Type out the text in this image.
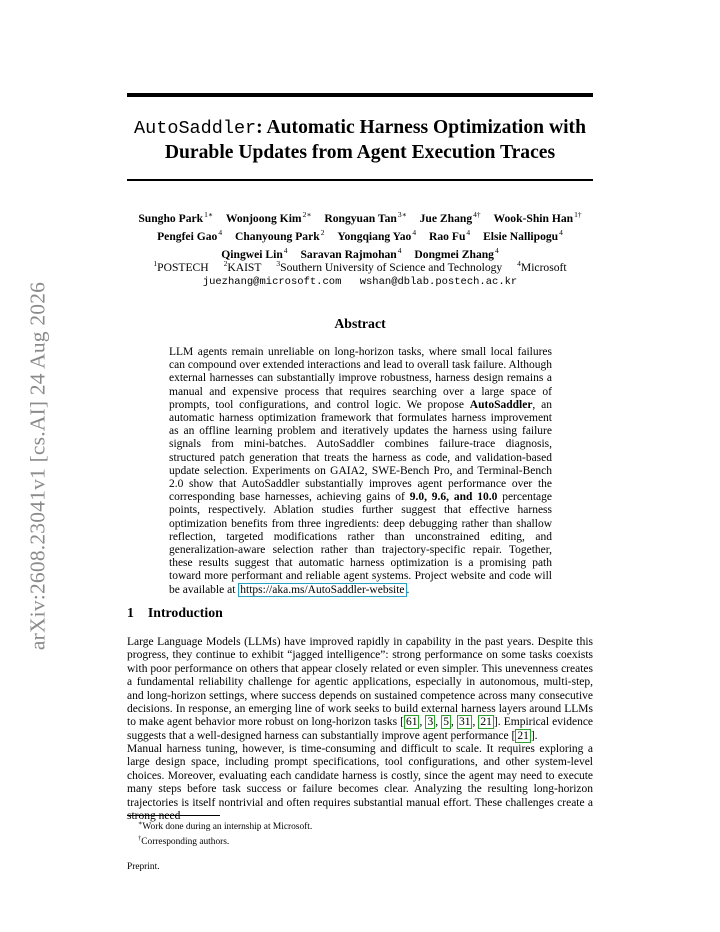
arXiv:2608.23041v1 [cs.AI] 24 Aug 2026
AutoSaddler: Automatic Harness Optimization with
Durable Updates from Agent Execution Traces
Sungho Park$^{1∗}$ Wonjoong Kim$^{2∗}$ Rongyuan Tan$^{3∗}$ Jue Zhang$^{4\dagger}$ Wook-Shin Han$^{1\dagger}$
Pengfei Gao$^4$ Chanyoung Park$^2$ Yongqiang Yao$^4$ Rao Fu$^4$ Elsie Nallipogu$^4$
Qingwei Lin$^4$ Saravan Rajmohan$^4$ Dongmei Zhang$^4$
$^1$POSTECH $^2$KAIST $^3$Southern University of Science and Technology $^4$Microsoft
juezhang@microsoft.com wshan@dblab.postech.ac.kr
Abstract
LLM agents remain unreliable on long-horizon tasks, where small local failures can compound over extended interactions and lead to overall task failure. Although external harnesses can substantially improve robustness, harness design remains a manual and expensive process that requires searching over a large space of prompts, tool configurations, and control logic. We propose AutoSaddler, an automatic harness optimization framework that formulates harness improvement as an offline learning problem and iteratively updates the harness using failure signals from mini-batches. AutoSaddler combines failure-trace diagnosis, structured patch generation that treats the harness as code, and validation-based update selection. Experiments on GAIA2, SWE-Bench Pro, and Terminal-Bench 2.0 show that AutoSaddler substantially improves agent performance over the corresponding base harnesses, achieving gains of 9.0, 9.6, and 10.0 percentage points, respectively. Ablation studies further suggest that effective harness optimization benefits from three ingredients: deep debugging rather than shallow reflection, targeted modifications rather than unconstrained editing, and generalization-aware selection rather than trajectory-specific repair. Together, these results suggest that automatic harness optimization is a promising path toward more performant and reliable agent systems. Project website and code will be available at https://aka.ms/AutoSaddler-website .
1 Introduction
Large Language Models (LLMs) have improved rapidly in capability in the past years. Despite this progress, they continue to exhibit “jagged intelligence”: strong performance on some tasks coexists with poor performance on others that appear closely related or even simpler. This unevenness creates a fundamental reliability challenge for agentic applications, especially in autonomous, multi-step, and long-horizon settings, where success depends on sustained competence across many consecutive decisions. In response, an emerging line of work seeks to build external harness layers around LLMs to make agent behavior more robust on long-horizon tasks [ 61 , 3 , 5 , 31 , 21 ]. Empirical evidence suggests that a well-designed harness can substantially improve agent performance [ 21 ].
Manual harness tuning, however, is time-consuming and difficult to scale. It requires exploring a large design space, including prompt specifications, tool configurations, and other system-level choices. Moreover, evaluating each candidate harness is costly, since the agent may need to execute many steps before task success or failure becomes clear. Analyzing the resulting long-horizon trajectories is itself nontrivial and often requires substantial manual effort. These challenges create a strong need
∗Work done during an internship at Microsoft.
†Corresponding authors.
Preprint.
